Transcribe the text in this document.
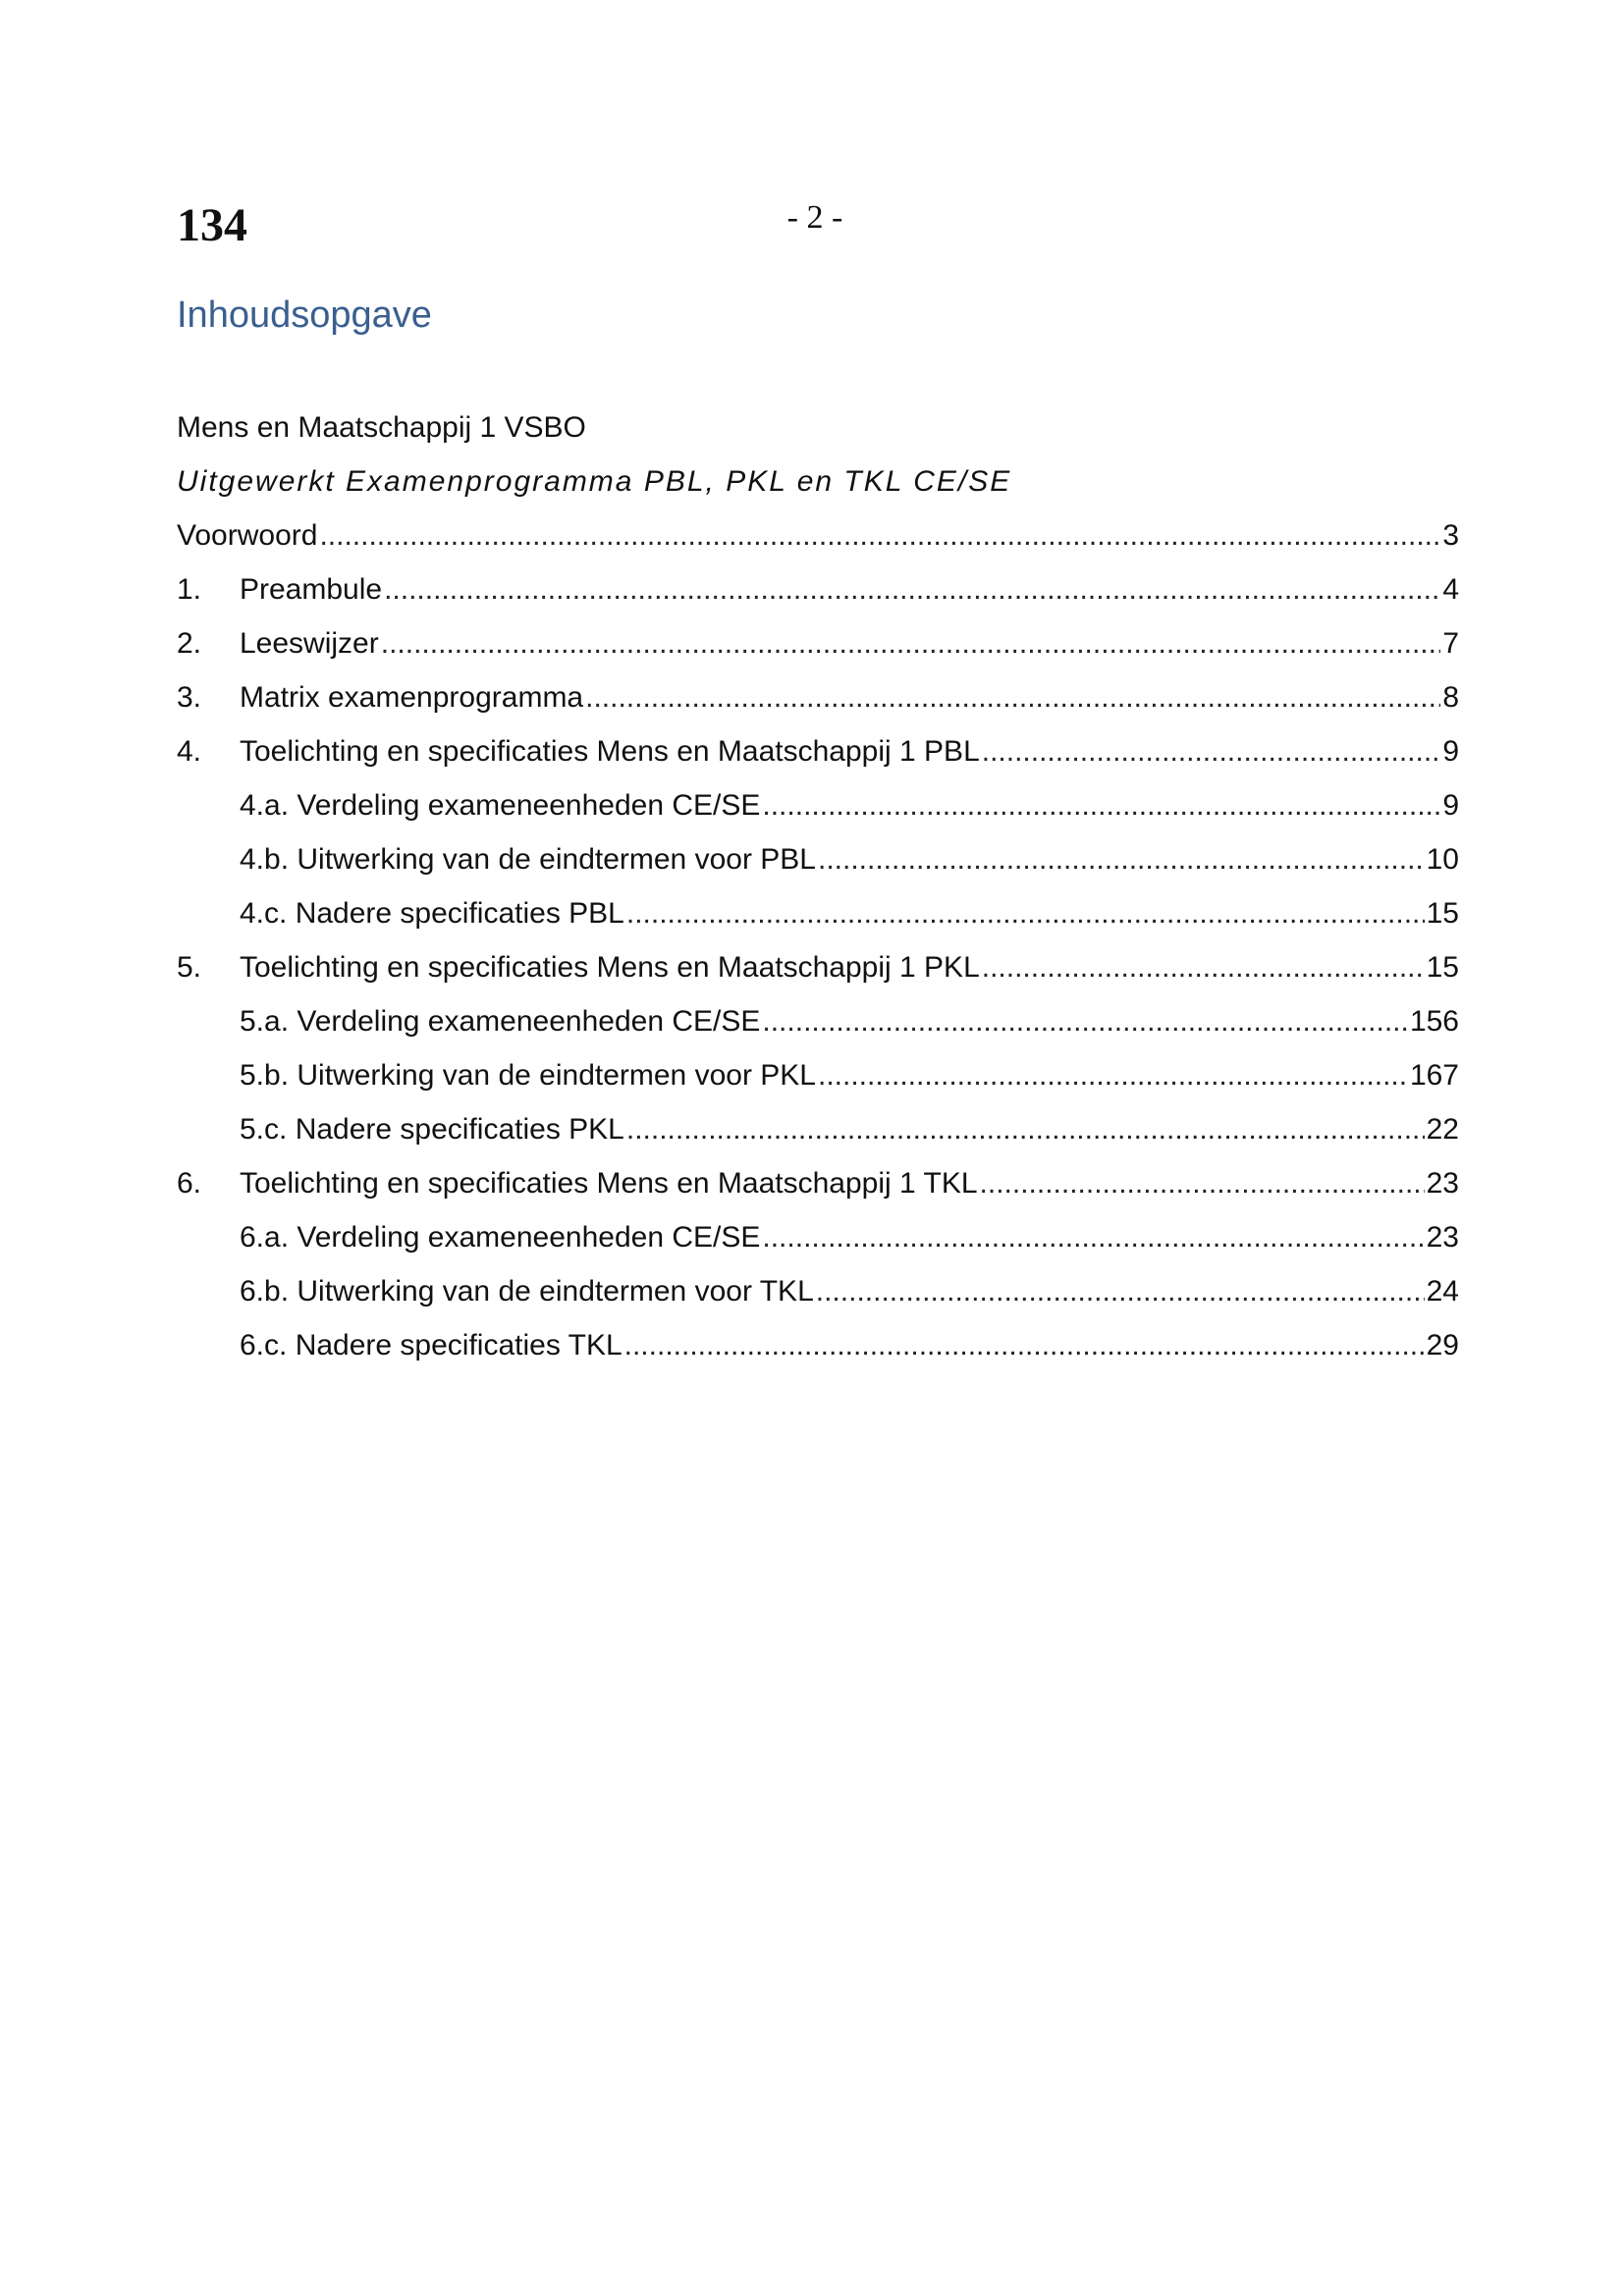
134	- 2 -
Inhoudsopgave
Mens en Maatschappij 1 VSBO
Uitgewerkt Examenprogramma PBL, PKL en TKL CE/SE
Voorwoord .....	3
1.	Preambule .....	4
2.	Leeswijzer .....	7
3.	Matrix examenprogramma .....	8
4.	Toelichting en specificaties Mens en Maatschappij 1 PBL .....	9
4.a. Verdeling exameneenheden CE/SE .....	9
4.b. Uitwerking van de eindtermen voor PBL .....	10
4.c. Nadere specificaties PBL .....	15
5.	Toelichting en specificaties Mens en Maatschappij 1 PKL .....	15
5.a. Verdeling exameneenheden CE/SE .....	156
5.b. Uitwerking van de eindtermen voor PKL .....	167
5.c. Nadere specificaties PKL .....	22
6.	Toelichting en specificaties Mens en Maatschappij 1 TKL .....	23
6.a. Verdeling exameneenheden CE/SE .....	23
6.b. Uitwerking van de eindtermen voor TKL .....	24
6.c. Nadere specificaties TKL .....	29
